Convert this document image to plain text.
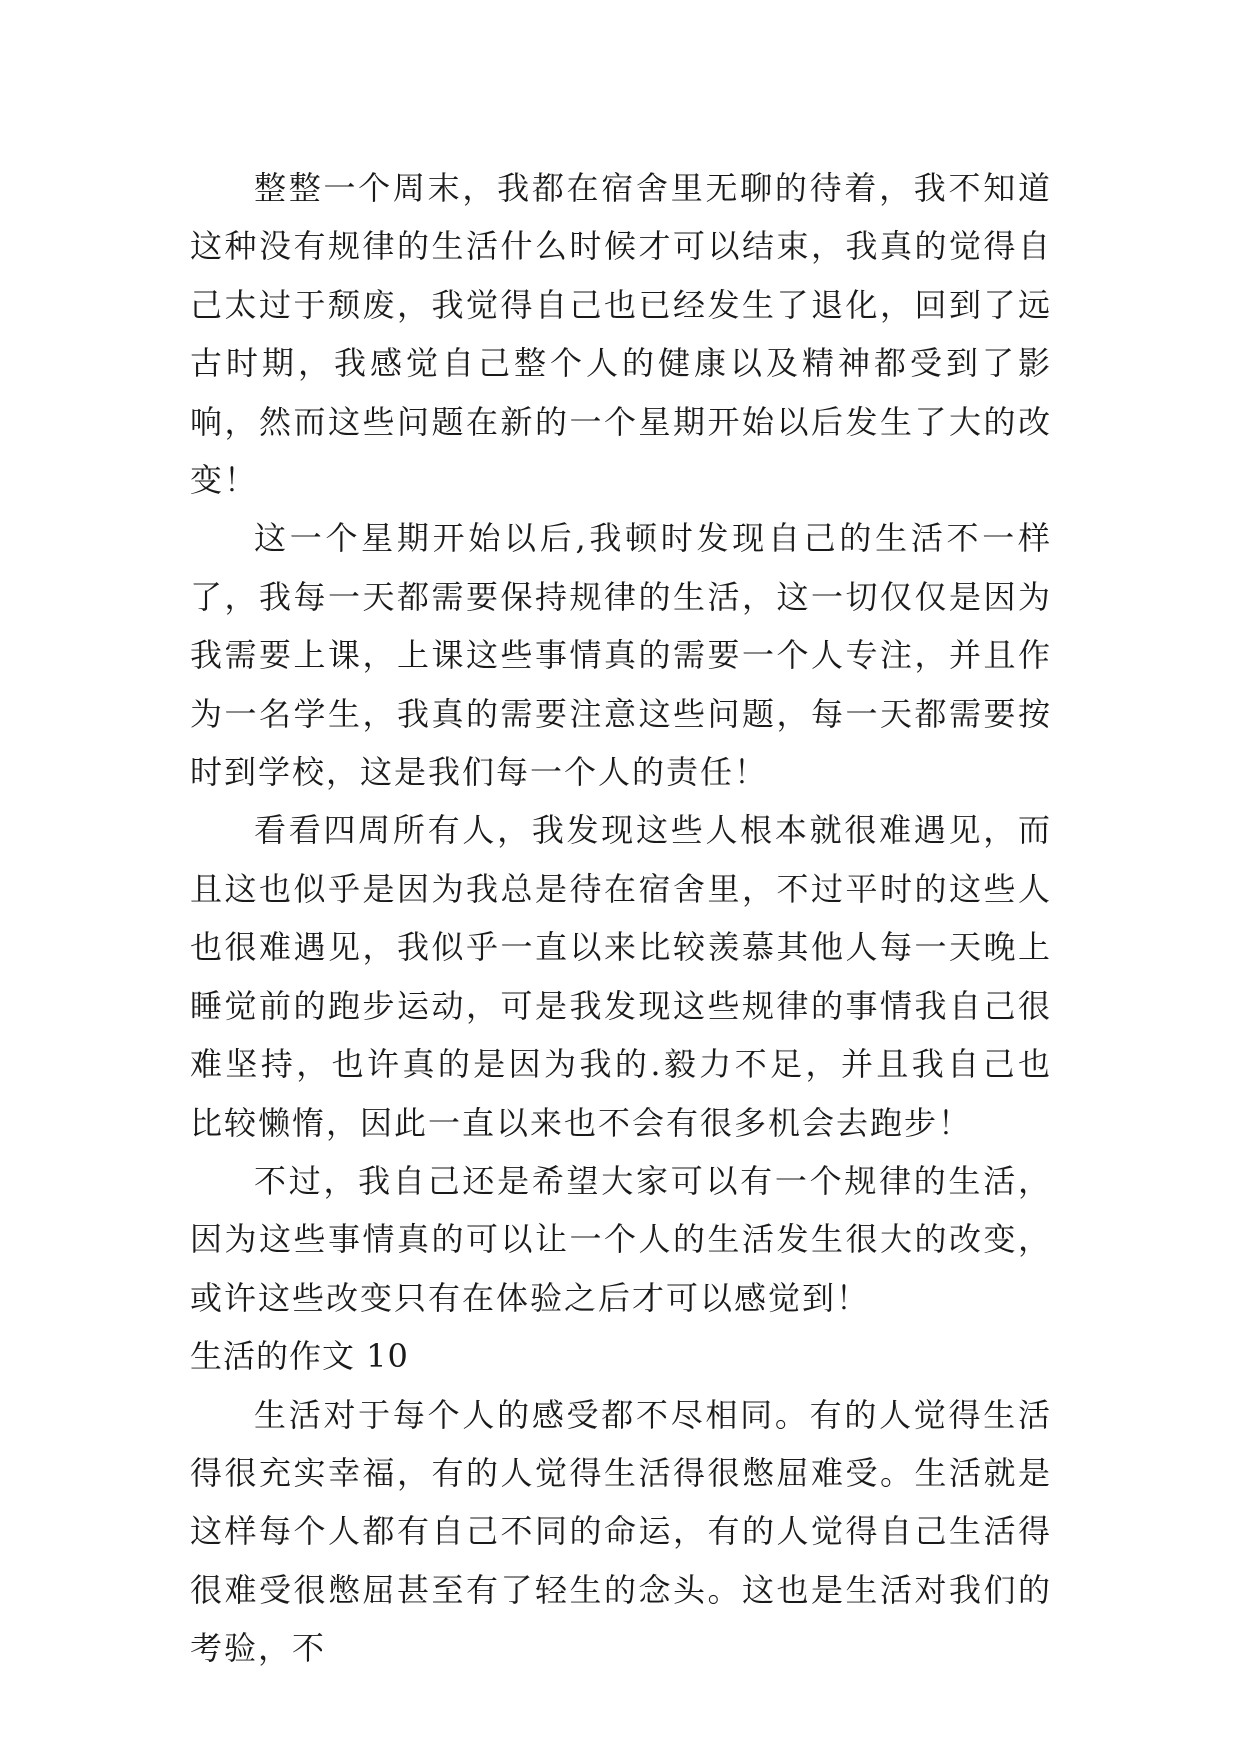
整整一个周末，我都在宿舍里无聊的待着，我不知道这种没有规律的生活什么时候才可以结束，我真的觉得自己太过于颓废，我觉得自己也已经发生了退化，回到了远古时期，我感觉自己整个人的健康以及精神都受到了影响，然而这些问题在新的一个星期开始以后发生了大的改变！

这一个星期开始以后,我顿时发现自己的生活不一样了，我每一天都需要保持规律的生活，这一切仅仅是因为我需要上课，上课这些事情真的需要一个人专注，并且作为一名学生，我真的需要注意这些问题，每一天都需要按时到学校，这是我们每一个人的责任！

看看四周所有人，我发现这些人根本就很难遇见，而且这也似乎是因为我总是待在宿舍里，不过平时的这些人也很难遇见，我似乎一直以来比较羡慕其他人每一天晚上睡觉前的跑步运动，可是我发现这些规律的事情我自己很难坚持，也许真的是因为我的.毅力不足，并且我自己也比较懒惰，因此一直以来也不会有很多机会去跑步！

不过，我自己还是希望大家可以有一个规律的生活，因为这些事情真的可以让一个人的生活发生很大的改变，或许这些改变只有在体验之后才可以感觉到！

生活的作文 10

生活对于每个人的感受都不尽相同。有的人觉得生活得很充实幸福，有的人觉得生活得很憋屈难受。生活就是这样每个人都有自己不同的命运，有的人觉得自己生活得很难受很憋屈甚至有了轻生的念头。这也是生活对我们的考验，不
